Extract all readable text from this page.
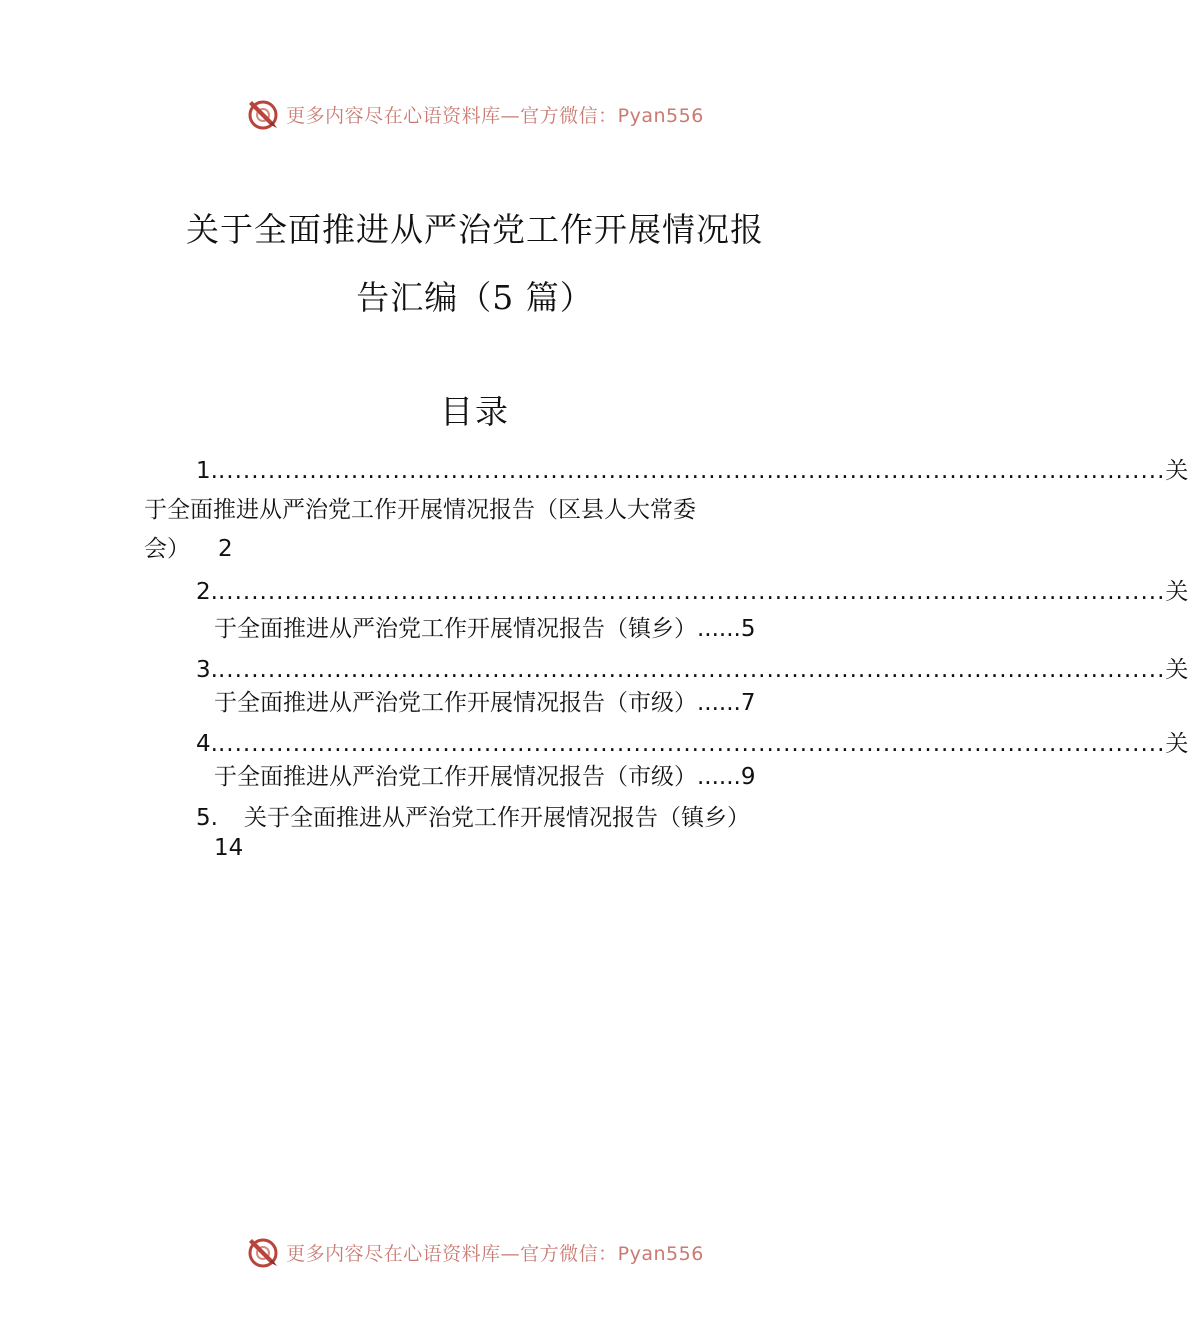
更多内容尽在心语资料库—官方微信：Pyan556
关于全面推进从严治党工作开展情况报
告汇编（5 篇）
目录
1. .................................................................................................................. 关
于全面推进从严治党工作开展情况报告（区县人大常委
会） 2
2. .................................................................................................................. 关
于全面推进从严治党工作开展情况报告（镇乡）......5
3. .................................................................................................................. 关
于全面推进从严治党工作开展情况报告（市级）......7
4. .................................................................................................................. 关
于全面推进从严治党工作开展情况报告（市级）......9
5. 关于全面推进从严治党工作开展情况报告（镇乡）
14
更多内容尽在心语资料库—官方微信：Pyan556
